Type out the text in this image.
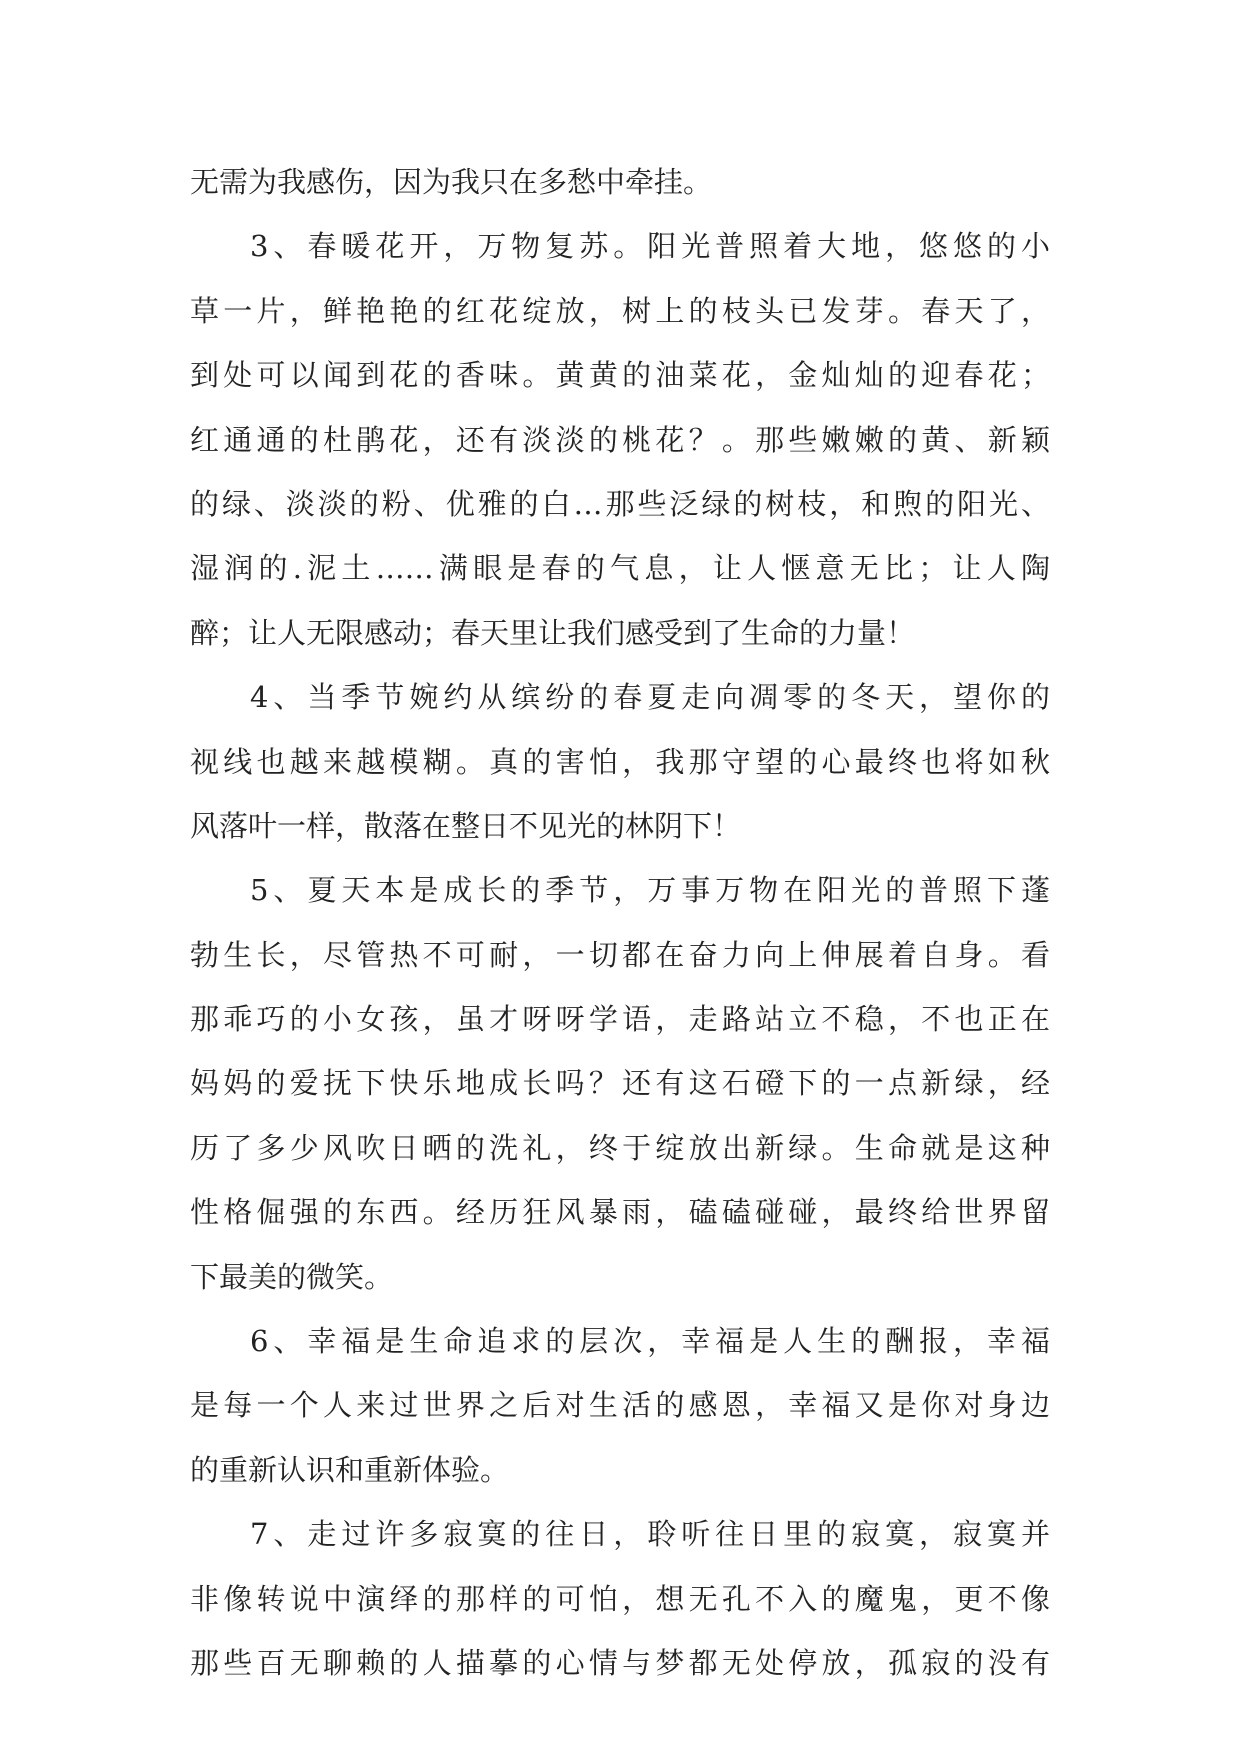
无需为我感伤，因为我只在多愁中牵挂。
3、春暖花开，万物复苏。阳光普照着大地，悠悠的小
草一片，鲜艳艳的红花绽放，树上的枝头已发芽。春天了，
到处可以闻到花的香味。黄黄的油菜花，金灿灿的迎春花；
红通通的杜鹃花，还有淡淡的桃花？。那些嫩嫩的黄、新颖
的绿、淡淡的粉、优雅的白…那些泛绿的树枝，和煦的阳光、
湿润的.泥土……满眼是春的气息，让人惬意无比；让人陶
醉；让人无限感动；春天里让我们感受到了生命的力量！
4、当季节婉约从缤纷的春夏走向凋零的冬天，望你的
视线也越来越模糊。真的害怕，我那守望的心最终也将如秋
风落叶一样，散落在整日不见光的林阴下！
5、夏天本是成长的季节，万事万物在阳光的普照下蓬
勃生长，尽管热不可耐，一切都在奋力向上伸展着自身。看
那乖巧的小女孩，虽才呀呀学语，走路站立不稳，不也正在
妈妈的爱抚下快乐地成长吗？还有这石磴下的一点新绿，经
历了多少风吹日晒的洗礼，终于绽放出新绿。生命就是这种
性格倔强的东西。经历狂风暴雨，磕磕碰碰，最终给世界留
下最美的微笑。
6、幸福是生命追求的层次，幸福是人生的酬报，幸福
是每一个人来过世界之后对生活的感恩，幸福又是你对身边
的重新认识和重新体验。
7、走过许多寂寞的往日，聆听往日里的寂寞，寂寞并
非像转说中演绎的那样的可怕，想无孔不入的魔鬼，更不像
那些百无聊赖的人描摹的心情与梦都无处停放，孤寂的没有
